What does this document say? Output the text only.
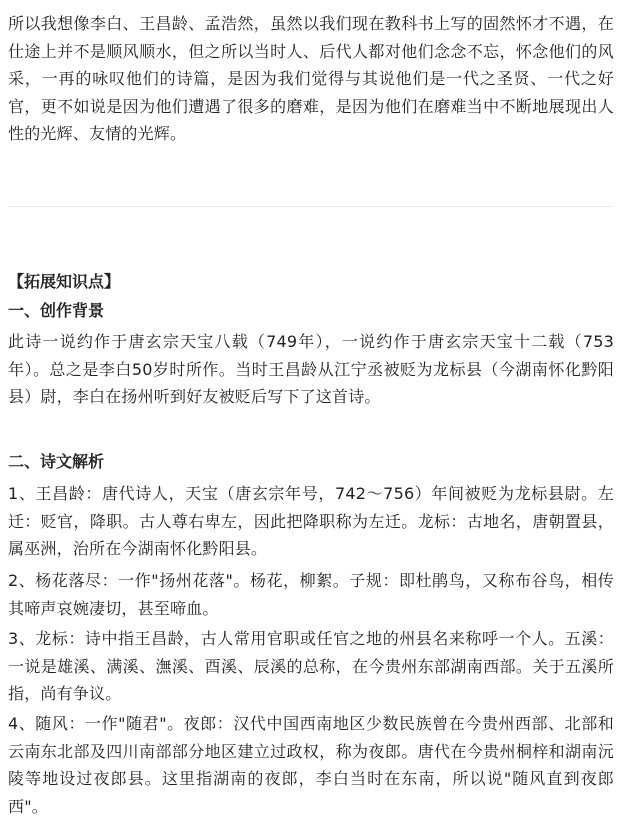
所以我想像李白、王昌龄、孟浩然，虽然以我们现在教科书上写的固然怀才不遇，在仕途上并不是顺风顺水，但之所以当时人、后代人都对他们念念不忘，怀念他们的风采，一再的咏叹他们的诗篇，是因为我们觉得与其说他们是一代之圣贤、一代之好官，更不如说是因为他们遭遇了很多的磨难，是因为他们在磨难当中不断地展现出人性的光辉、友情的光辉。

【拓展知识点】

一、创作背景

此诗一说约作于唐玄宗天宝八载（749年），一说约作于唐玄宗天宝十二载（753年）。总之是李白50岁时所作。当时王昌龄从江宁丞被贬为龙标县（今湖南怀化黔阳县）尉，李白在扬州听到好友被贬后写下了这首诗。

二、诗文解析

1、王昌龄：唐代诗人，天宝（唐玄宗年号，742～756）年间被贬为龙标县尉。左迁：贬官，降职。古人尊右卑左，因此把降职称为左迁。龙标：古地名，唐朝置县，属巫洲，治所在今湖南怀化黔阳县。

2、杨花落尽：一作"扬州花落"。杨花，柳絮。子规：即杜鹃鸟，又称布谷鸟，相传其啼声哀婉凄切，甚至啼血。

3、龙标：诗中指王昌龄，古人常用官职或任官之地的州县名来称呼一个人。五溪：一说是雄溪、满溪、潕溪、酉溪、辰溪的总称，在今贵州东部湖南西部。关于五溪所指，尚有争议。

4、随风：一作"随君"。夜郎：汉代中国西南地区少数民族曾在今贵州西部、北部和云南东北部及四川南部部分地区建立过政权，称为夜郎。唐代在今贵州桐梓和湖南沅陵等地设过夜郎县。这里指湖南的夜郎，李白当时在东南，所以说"随风直到夜郎西"。
